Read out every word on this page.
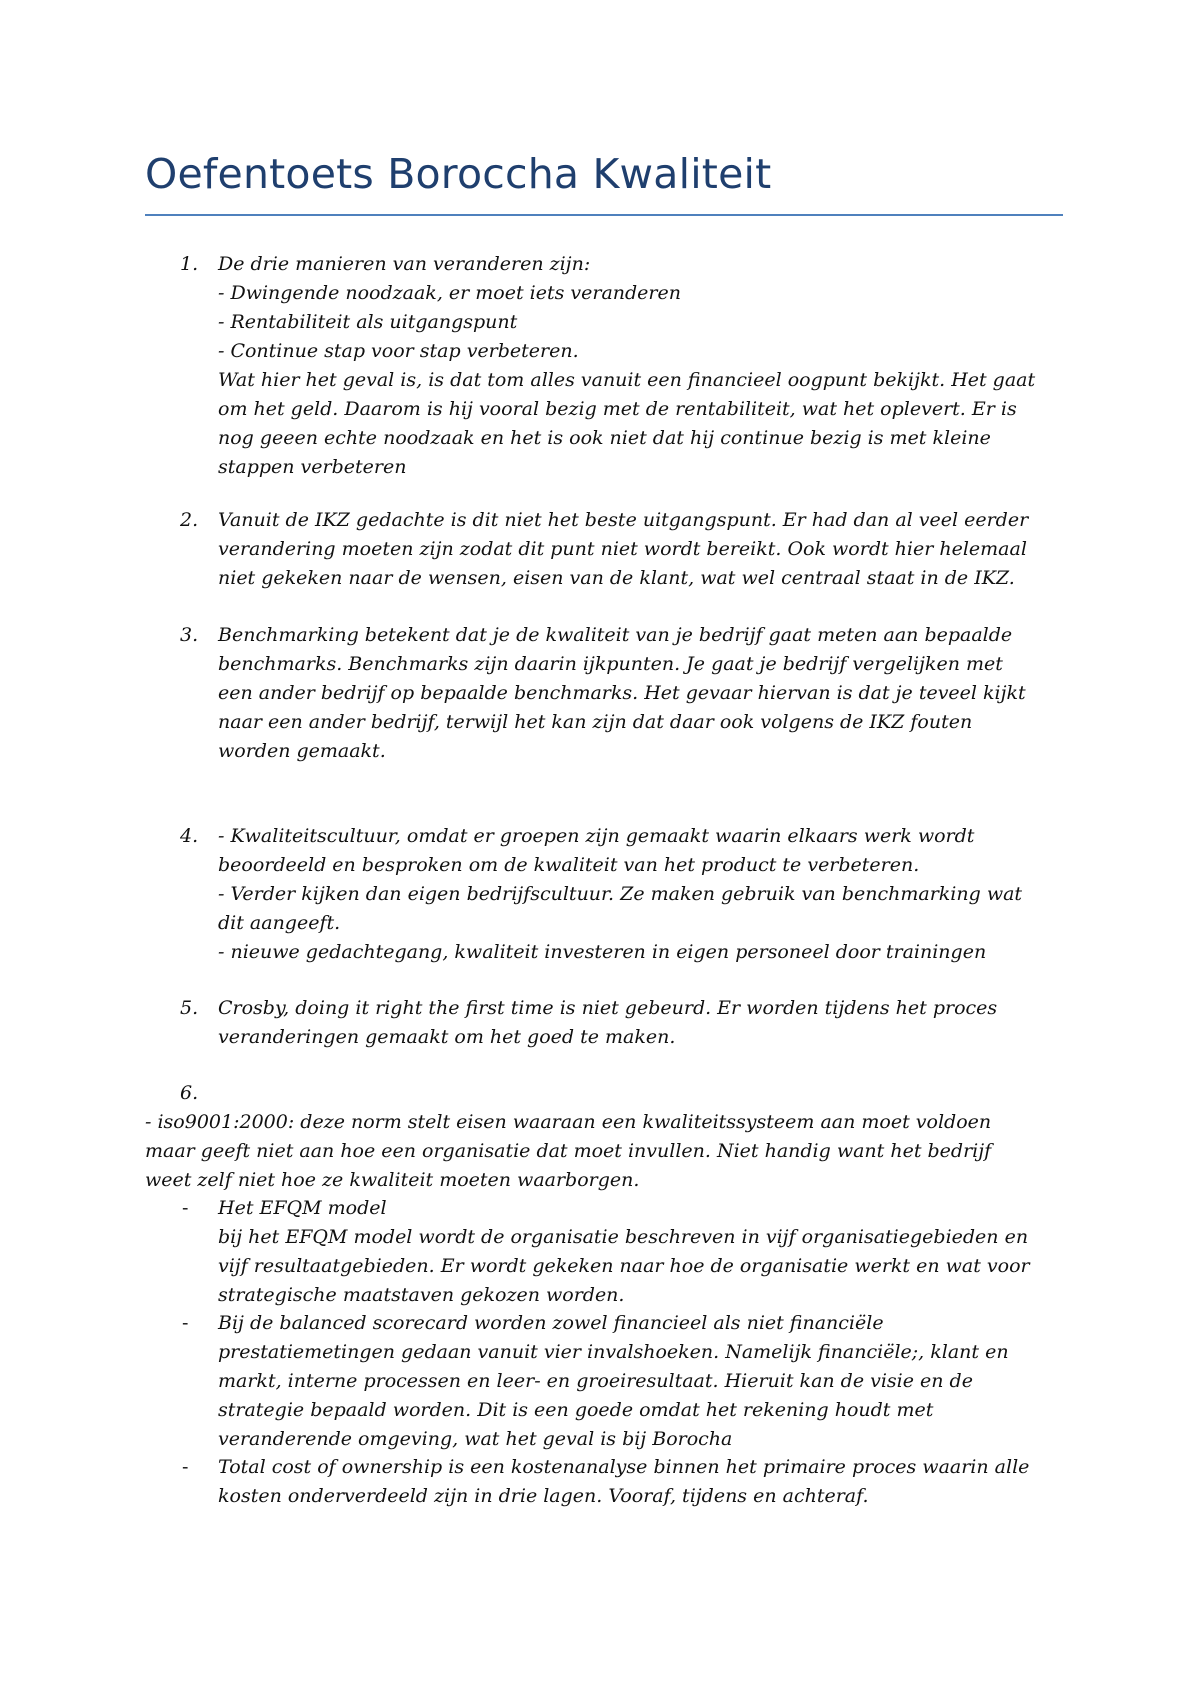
Oefentoets Boroccha Kwaliteit
1. De drie manieren van veranderen zijn:
- Dwingende noodzaak, er moet iets veranderen
- Rentabiliteit als uitgangspunt
- Continue stap voor stap verbeteren.
Wat hier het geval is, is dat tom alles vanuit een financieel oogpunt bekijkt. Het gaat
om het geld. Daarom is hij vooral bezig met de rentabiliteit, wat het oplevert. Er is
nog geeen echte noodzaak en het is ook niet dat hij continue bezig is met kleine
stappen verbeteren
2. Vanuit de IKZ gedachte is dit niet het beste uitgangspunt. Er had dan al veel eerder
verandering moeten zijn zodat dit punt niet wordt bereikt. Ook wordt hier helemaal
niet gekeken naar de wensen, eisen van de klant, wat wel centraal staat in de IKZ.
3. Benchmarking betekent dat je de kwaliteit van je bedrijf gaat meten aan bepaalde
benchmarks. Benchmarks zijn daarin ijkpunten. Je gaat je bedrijf vergelijken met
een ander bedrijf op bepaalde benchmarks. Het gevaar hiervan is dat je teveel kijkt
naar een ander bedrijf, terwijl het kan zijn dat daar ook volgens de IKZ fouten
worden gemaakt.
4. - Kwaliteitscultuur, omdat er groepen zijn gemaakt waarin elkaars werk wordt
beoordeeld en besproken om de kwaliteit van het product te verbeteren.
- Verder kijken dan eigen bedrijfscultuur. Ze maken gebruik van benchmarking wat
dit aangeeft.
- nieuwe gedachtegang, kwaliteit investeren in eigen personeel door trainingen
5. Crosby, doing it right the first time is niet gebeurd. Er worden tijdens het proces
veranderingen gemaakt om het goed te maken.
6.
- iso9001:2000: deze norm stelt eisen waaraan een kwaliteitssysteem aan moet voldoen
maar geeft niet aan hoe een organisatie dat moet invullen. Niet handig want het bedrijf
weet zelf niet hoe ze kwaliteit moeten waarborgen.
- Het EFQM model
bij het EFQM model wordt de organisatie beschreven in vijf organisatiegebieden en
vijf resultaatgebieden. Er wordt gekeken naar hoe de organisatie werkt en wat voor
strategische maatstaven gekozen worden.
- Bij de balanced scorecard worden zowel financieel als niet financiële
prestatiemetingen gedaan vanuit vier invalshoeken. Namelijk financiële;, klant en
markt, interne processen en leer- en groeiresultaat. Hieruit kan de visie en de
strategie bepaald worden. Dit is een goede omdat het rekening houdt met
veranderende omgeving, wat het geval is bij Borocha
- Total cost of ownership is een kostenanalyse binnen het primaire proces waarin alle
kosten onderverdeeld zijn in drie lagen. Vooraf, tijdens en achteraf.
